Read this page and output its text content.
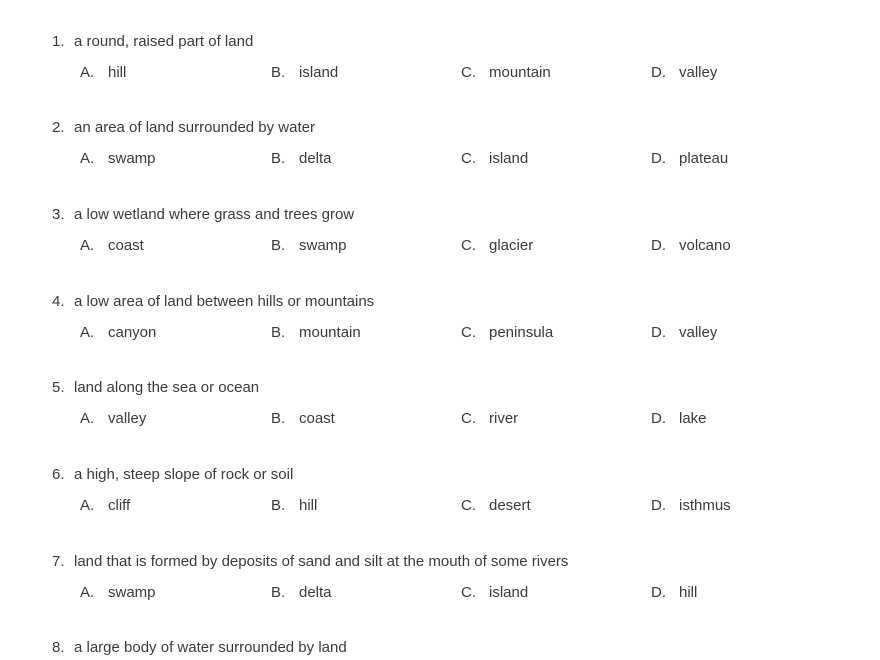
1. a round, raised part of land
A. hill	B. island	C. mountain	D. valley
2. an area of land surrounded by water
A. swamp	B. delta	C. island	D. plateau
3. a low wetland where grass and trees grow
A. coast	B. swamp	C. glacier	D. volcano
4. a low area of land between hills or mountains
A. canyon	B. mountain	C. peninsula	D. valley
5. land along the sea or ocean
A. valley	B. coast	C. river	D. lake
6. a high, steep slope of rock or soil
A. cliff	B. hill	C. desert	D. isthmus
7. land that is formed by deposits of sand and silt at the mouth of some rivers
A. swamp	B. delta	C. island	D. hill
8. a large body of water surrounded by land
